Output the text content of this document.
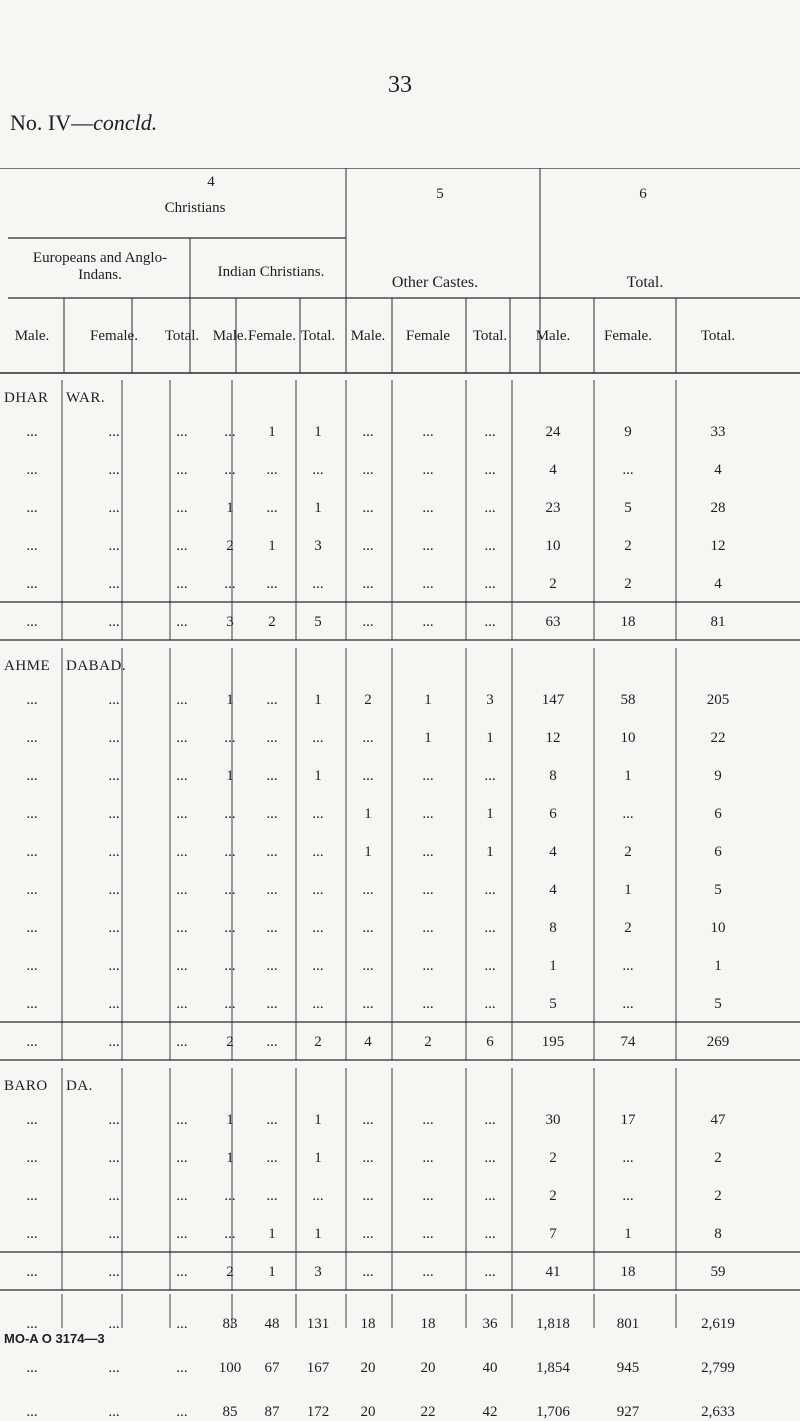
33
No. IV—concld.
4
Christians
5
Other Castes.
6
Total.
Europeans and Anglo-Indans.	Indian Christians.
Male.	Female.	Total. Male. Female. Total.	Male.	Female	Total.	Male.	Female.	Total.
DHAR WAR.
...	...	...	...	1	1	...	...	...	24	9	33
...	...	...	...	...	...	...	...	...	4	...	4
...	...	...	1	...	1	...	...	...	23	5	28
...	...	...	2	1	3	...	...	...	10	2	12
...	...	...	...	...	...	...	...	...	2	2	4
...	...	...	3	2	5	...	...	...	63	18	81
AHME DABAD.
...	...	...	1	...	1	2	1	3	147	58	205
...	...	...	...	...	...	...	1	1	12	10	22
...	...	...	1	...	1	...	...	...	8	1	9
...	...	...	...	...	...	1	...	1	6	...	6
...	...	...	...	...	...	1	...	1	4	2	6
...	...	...	...	...	...	...	...	...	4	1	5
...	...	...	...	...	...	...	...	...	8	2	10
...	...	...	...	...	...	...	...	...	1	...	1
...	...	...	...	...	...	...	...	...	5	...	5
...	...	...	2	...	2	4	2	6	195	74	269
BARO DA.
...	...	...	1	...	1	...	...	...	30	17	47
...	...	...	1	...	1	...	...	...	2	...	2
...	...	...	...	...	...	...	...	...	2	...	2
...	...	...	...	1	1	...	...	...	7	1	8
...	...	...	2	1	3	...	...	...	41	18	59
...	...	...	83	48	131	18	18	36	1,818	801	2,619
...	...	...	100	67	167	20	20	40	1,854	945	2,799
...	...	...	85	87	172	20	22	42	1,706	927	2,633
MO-A O 3174—3
